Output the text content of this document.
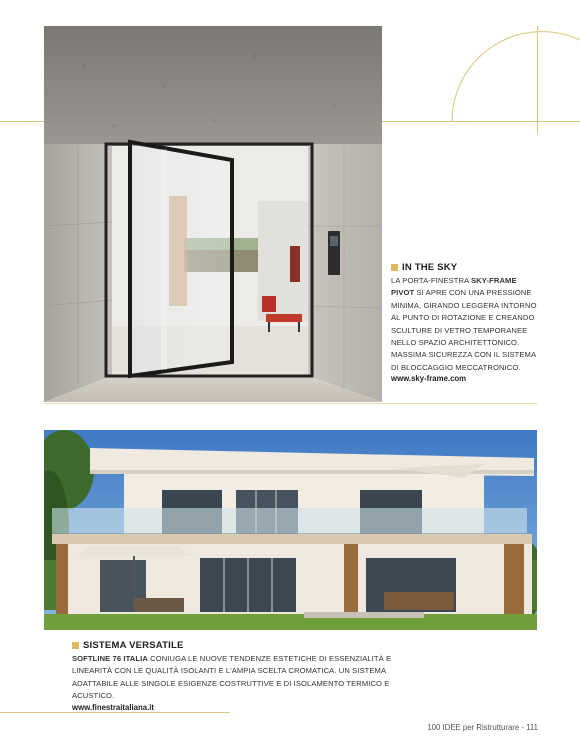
IN THE SKY
LA PORTA-FINESTRA SKY-FRAME PIVOT SI APRE CON UNA PRESSIONE MINIMA, GIRANDO LEGGERA INTORNO AL PUNTO DI ROTAZIONE E CREANDO SCULTURE DI VETRO TEMPORANEE NELLO SPAZIO ARCHITETTONICO. MASSIMA SICUREZZA CON IL SISTEMA DI BLOCCAGGIO MECCATRONICO.
www.sky-frame.com
SISTEMA VERSATILE
SOFTLINE 76 ITALIA CONIUGA LE NUOVE TENDENZE ESTETICHE DI ESSENZIALITÀ E LINEARITÀ CON LE QUALITÀ ISOLANTI E L'AMPIA SCELTA CROMATICA. UN SISTEMA ADATTABILE ALLE SINGOLE ESIGENZE COSTRUTTIVE E DI ISOLAMENTO TERMICO E ACUSTICO.
www.finestraitaliana.it
100 IDEE per Ristrutturare - 111
